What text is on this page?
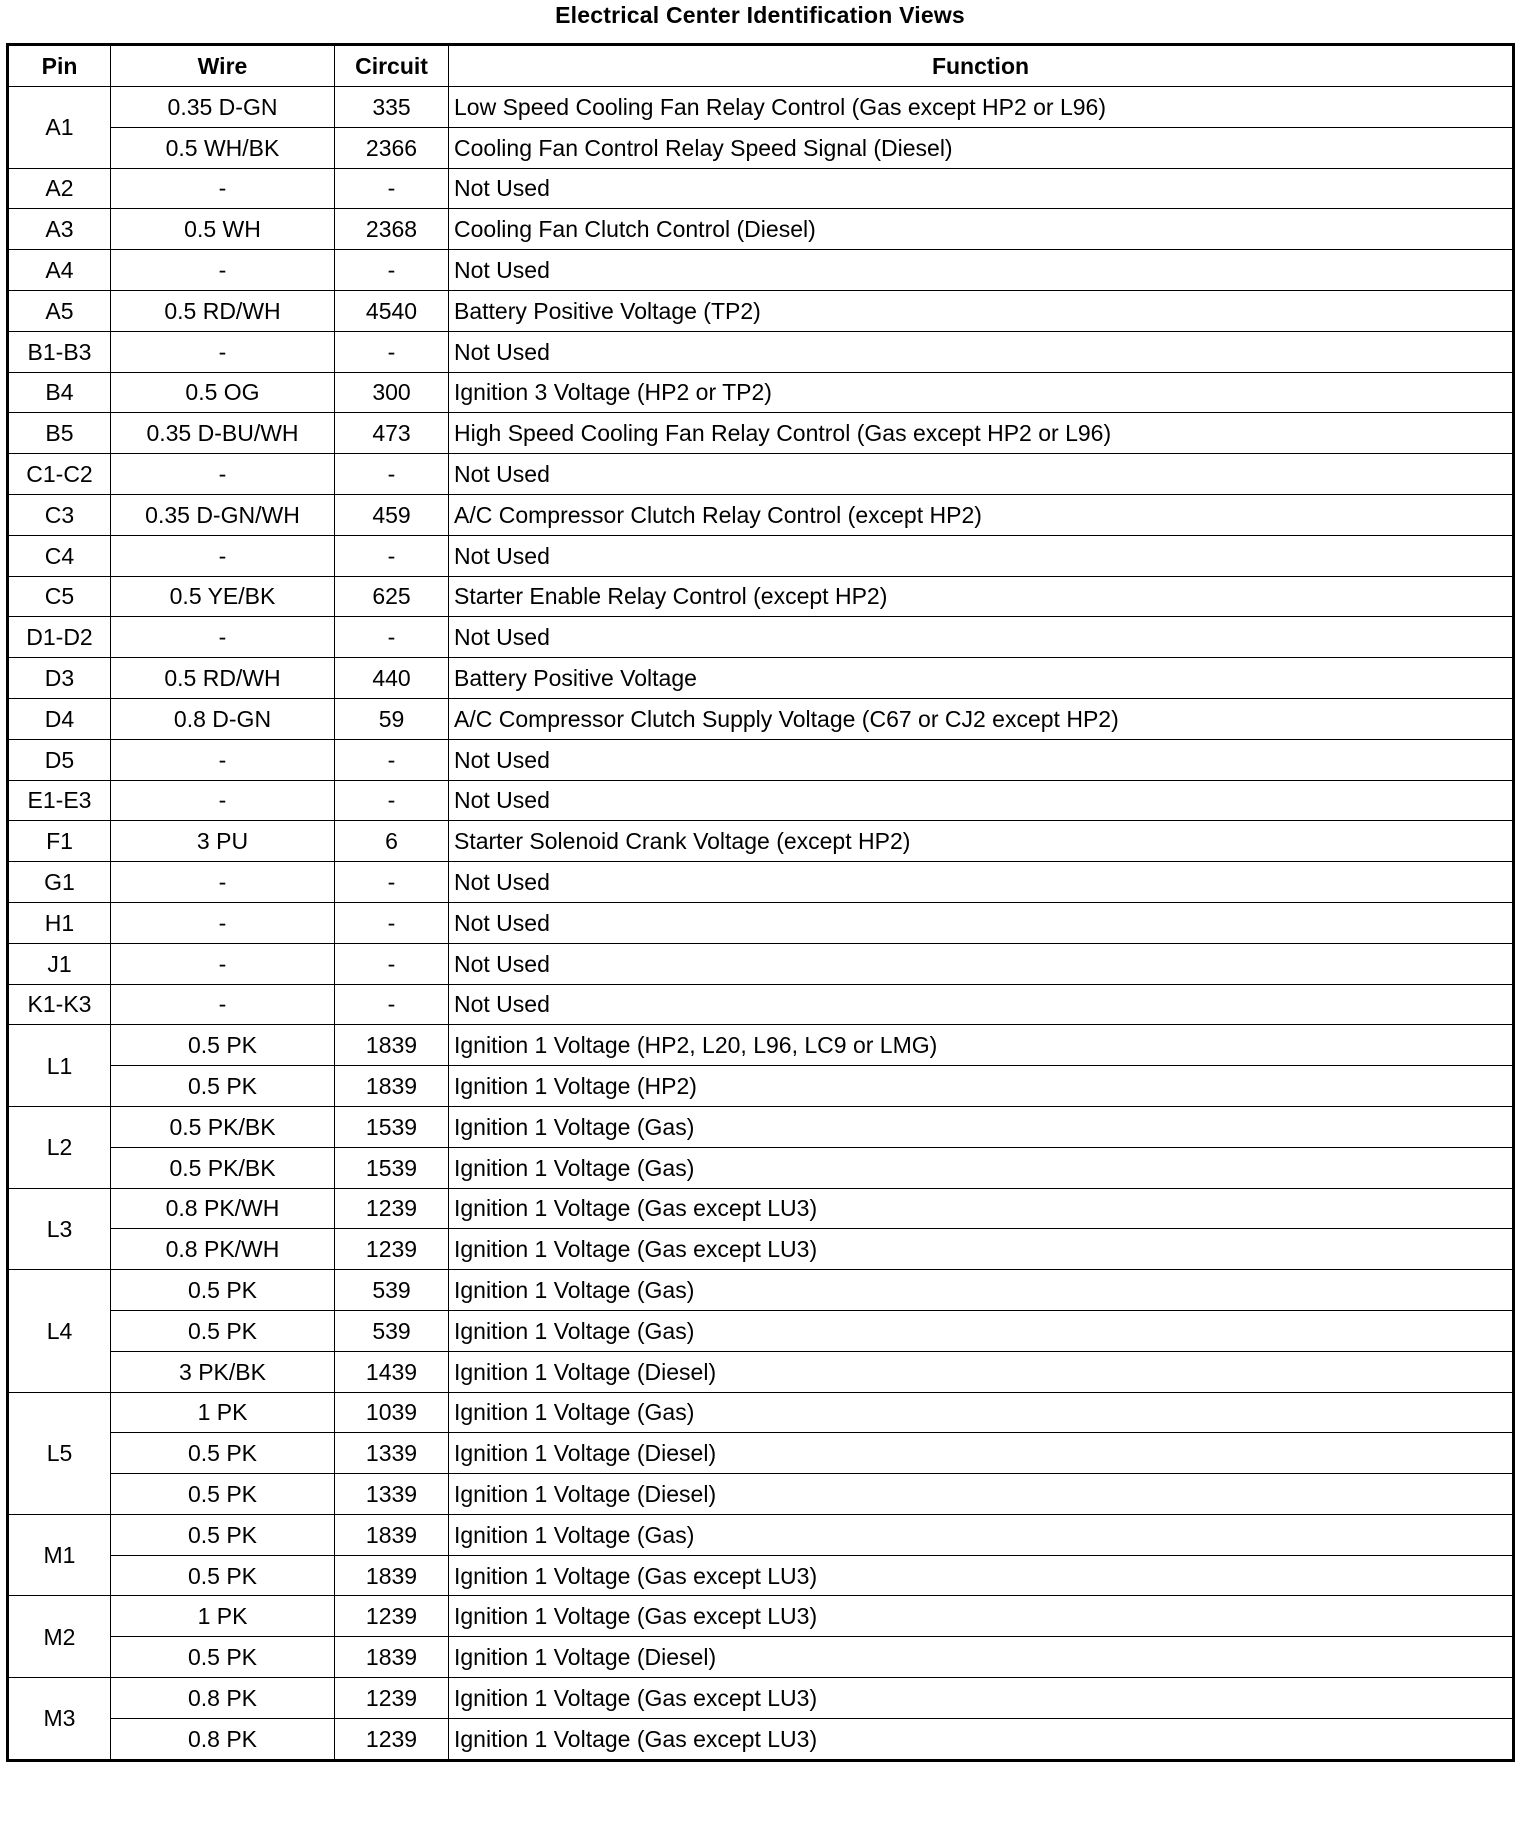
Electrical Center Identification Views
Pin	Wire	Circuit	Function
A1	0.35 D-GN	335	Low Speed Cooling Fan Relay Control (Gas except HP2 or L96)
	0.5 WH/BK	2366	Cooling Fan Control Relay Speed Signal (Diesel)
A2	-	-	Not Used
A3	0.5 WH	2368	Cooling Fan Clutch Control (Diesel)
A4	-	-	Not Used
A5	0.5 RD/WH	4540	Battery Positive Voltage (TP2)
B1-B3	-	-	Not Used
B4	0.5 OG	300	Ignition 3 Voltage (HP2 or TP2)
B5	0.35 D-BU/WH	473	High Speed Cooling Fan Relay Control (Gas except HP2 or L96)
C1-C2	-	-	Not Used
C3	0.35 D-GN/WH	459	A/C Compressor Clutch Relay Control (except HP2)
C4	-	-	Not Used
C5	0.5 YE/BK	625	Starter Enable Relay Control (except HP2)
D1-D2	-	-	Not Used
D3	0.5 RD/WH	440	Battery Positive Voltage
D4	0.8 D-GN	59	A/C Compressor Clutch Supply Voltage (C67 or CJ2 except HP2)
D5	-	-	Not Used
E1-E3	-	-	Not Used
F1	3 PU	6	Starter Solenoid Crank Voltage (except HP2)
G1	-	-	Not Used
H1	-	-	Not Used
J1	-	-	Not Used
K1-K3	-	-	Not Used
L1	0.5 PK	1839	Ignition 1 Voltage (HP2, L20, L96, LC9 or LMG)
	0.5 PK	1839	Ignition 1 Voltage (HP2)
L2	0.5 PK/BK	1539	Ignition 1 Voltage (Gas)
	0.5 PK/BK	1539	Ignition 1 Voltage (Gas)
L3	0.8 PK/WH	1239	Ignition 1 Voltage (Gas except LU3)
	0.8 PK/WH	1239	Ignition 1 Voltage (Gas except LU3)
L4	0.5 PK	539	Ignition 1 Voltage (Gas)
	0.5 PK	539	Ignition 1 Voltage (Gas)
	3 PK/BK	1439	Ignition 1 Voltage (Diesel)
L5	1 PK	1039	Ignition 1 Voltage (Gas)
	0.5 PK	1339	Ignition 1 Voltage (Diesel)
	0.5 PK	1339	Ignition 1 Voltage (Diesel)
M1	0.5 PK	1839	Ignition 1 Voltage (Gas)
	0.5 PK	1839	Ignition 1 Voltage (Gas except LU3)
M2	1 PK	1239	Ignition 1 Voltage (Gas except LU3)
	0.5 PK	1839	Ignition 1 Voltage (Diesel)
M3	0.8 PK	1239	Ignition 1 Voltage (Gas except LU3)
	0.8 PK	1239	Ignition 1 Voltage (Gas except LU3)
